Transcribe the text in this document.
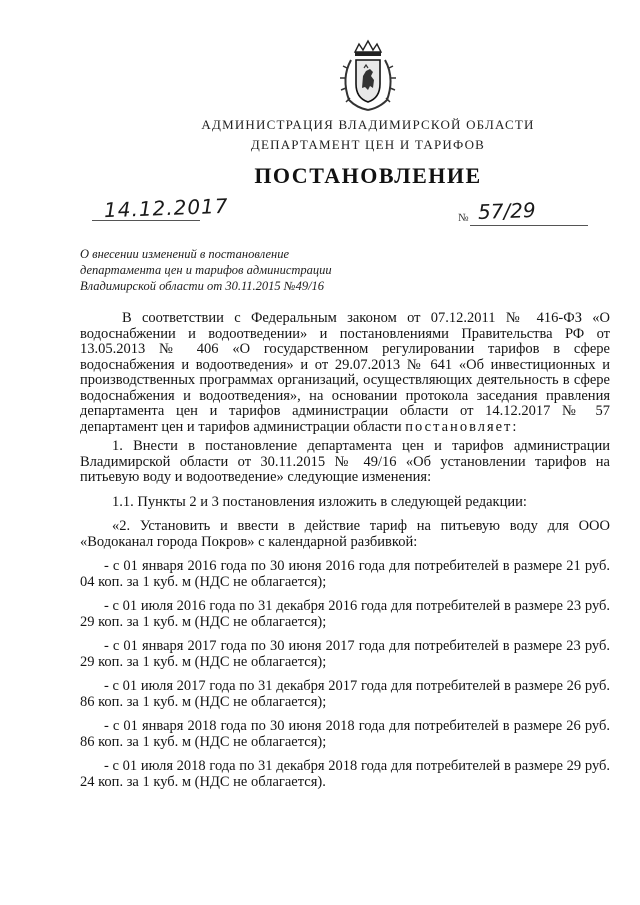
АДМИНИСТРАЦИЯ ВЛАДИМИРСКОЙ ОБЛАСТИ
ДЕПАРТАМЕНТ ЦЕН И ТАРИФОВ
ПОСТАНОВЛЕНИЕ
14.12.2017	№ 57/29
О внесении изменений в постановление
департамента цен и тарифов администрации
Владимирской области от 30.11.2015 №49/16

В соответствии с Федеральным законом от 07.12.2011 № 416-ФЗ «О водоснабжении и водоотведении» и постановлениями Правительства РФ от 13.05.2013 № 406 «О государственном регулировании тарифов в сфере водоснабжения и водоотведения» и от 29.07.2013 № 641 «Об инвестиционных и производственных программах организаций, осуществляющих деятельность в сфере водоснабжения и водоотведения», на основании протокола заседания правления департамента цен и тарифов администрации области от 14.12.2017 № 57 департамент цен и тарифов администрации области постановляет:

1. Внести в постановление департамента цен и тарифов администрации Владимирской области от 30.11.2015 № 49/16 «Об установлении тарифов на питьевую воду и водоотведение» следующие изменения:

1.1. Пункты 2 и 3 постановления изложить в следующей редакции:

«2. Установить и ввести в действие тариф на питьевую воду для ООО «Водоканал города Покров» с календарной разбивкой:

- с 01 января 2016 года по 30 июня 2016 года для потребителей в размере 21 руб. 04 коп. за 1 куб. м (НДС не облагается);

- с 01 июля 2016 года по 31 декабря 2016 года для потребителей в размере 23 руб. 29 коп. за 1 куб. м (НДС не облагается);

- с 01 января 2017 года по 30 июня 2017 года для потребителей в размере 23 руб. 29 коп. за 1 куб. м (НДС не облагается);

- с 01 июля 2017 года по 31 декабря 2017 года для потребителей в размере 26 руб. 86 коп. за 1 куб. м (НДС не облагается);

- с 01 января 2018 года по 30 июня 2018 года для потребителей в размере 26 руб. 86 коп. за 1 куб. м (НДС не облагается);

- с 01 июля 2018 года по 31 декабря 2018 года для потребителей в размере 29 руб. 24 коп. за 1 куб. м (НДС не облагается).
